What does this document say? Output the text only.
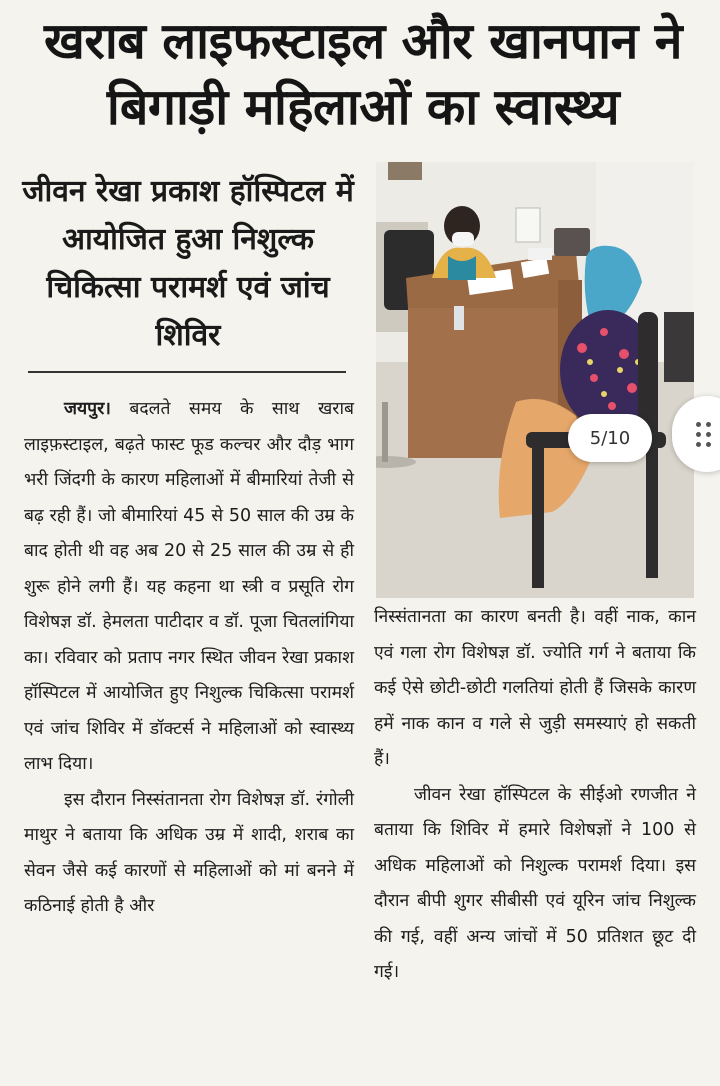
खराब लाइफस्टाइल और खानपान ने बिगाड़ी महिलाओं का स्वास्थ्य
जीवन रेखा प्रकाश हॉस्पिटल में आयोजित हुआ निशुल्क चिकित्सा परामर्श एवं जांच शिविर

जयपुर। बदलते समय के साथ खराब लाइफ़स्टाइल, बढ़ते फास्ट फूड कल्चर और दौड़ भाग भरी जिंदगी के कारण महिलाओं में बीमारियां तेजी से बढ़ रही हैं। जो बीमारियां 45 से 50 साल की उम्र के बाद होती थी वह अब 20 से 25 साल की उम्र से ही शुरू होने लगी हैं। यह कहना था स्त्री व प्रसूति रोग विशेषज्ञ डॉ. हेमलता पाटीदार व डॉ. पूजा चितलांगिया का। रविवार को प्रताप नगर स्थित जीवन रेखा प्रकाश हॉस्पिटल में आयोजित हुए निशुल्क चिकित्सा परामर्श एवं जांच शिविर में डॉक्टर्स ने महिलाओं को स्वास्थ्य लाभ दिया।

इस दौरान निस्संतानता रोग विशेषज्ञ डॉ. रंगोली माथुर ने बताया कि अधिक उम्र में शादी, शराब का सेवन जैसे कई कारणों से महिलाओं को मां बनने में कठिनाई होती है और

निस्संतानता का कारण बनती है। वहीं नाक, कान एवं गला रोग विशेषज्ञ डॉ. ज्योति गर्ग ने बताया कि कई ऐसे छोटी-छोटी गलतियां होती हैं जिसके कारण हमें नाक कान व गले से जुड़ी समस्याएं हो सकती हैं।

जीवन रेखा हॉस्पिटल के सीईओ रणजीत ने बताया कि शिविर में हमारे विशेषज्ञों ने 100 से अधिक महिलाओं को निशुल्क परामर्श दिया। इस दौरान बीपी शुगर सीबीसी एवं यूरिन जांच निशुल्क की गई, वहीं अन्य जांचों में 50 प्रतिशत छूट दी गई।

5/10
